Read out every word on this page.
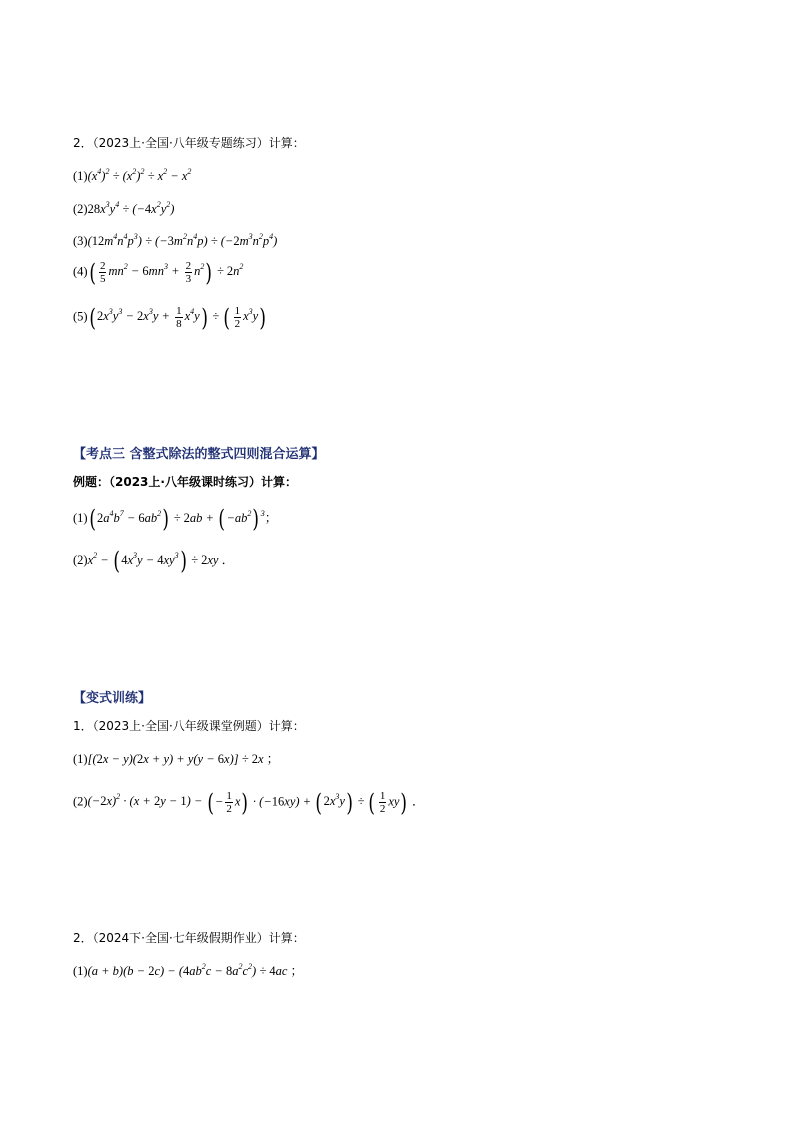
2．（2023上·全国·八年级专题练习）计算：
$(1)(x^4)^2 \div (x^2)^2 \div x^2 - x^2$
$(2)28x^3y^4 \div (-4x^2y^2)$
$(3)(12m^4n^4p^3) \div (-3m^2n^4p) \div (-2m^3n^2p^4)$
$(4)( \frac{2}{5} mn^2 - 6mn^3 + \frac{2}{3} n^2) \div 2n^2$
$(5)(2x^3y^3 - 2x^3y + \frac{1}{8} x^4y)$ ÷ ( $\frac{1}{2} x^3y$)
【考点三 含整式除法的整式四则混合运算】
例题：（2023上·八年级课时练习）计算：
$(1)(2a^4b^7 - 6ab^2) \div 2ab + (-ab^2)^3$；
$(2)x^2 - (4x^3y - 4xy^3) \div 2xy$ ．
【变式训练】
1．（2023上·全国·八年级课堂例题）计算：
(1)[(2x − y)(2x + y) + y(y − 6x)] ÷ 2x ；
$(2)(-2x)^2 \cdot (x + 2y - 1)$ − (− $\frac{1}{2} x) \cdot (-16xy) + (2x^3y)$ ÷ ( $\frac{1}{2} xy$) ．
2．（2024下·全国·七年级假期作业）计算：
$(1)(a + b)(b - 2c) - (4ab^2c - 8a^2c^2) \div 4ac$ ；
